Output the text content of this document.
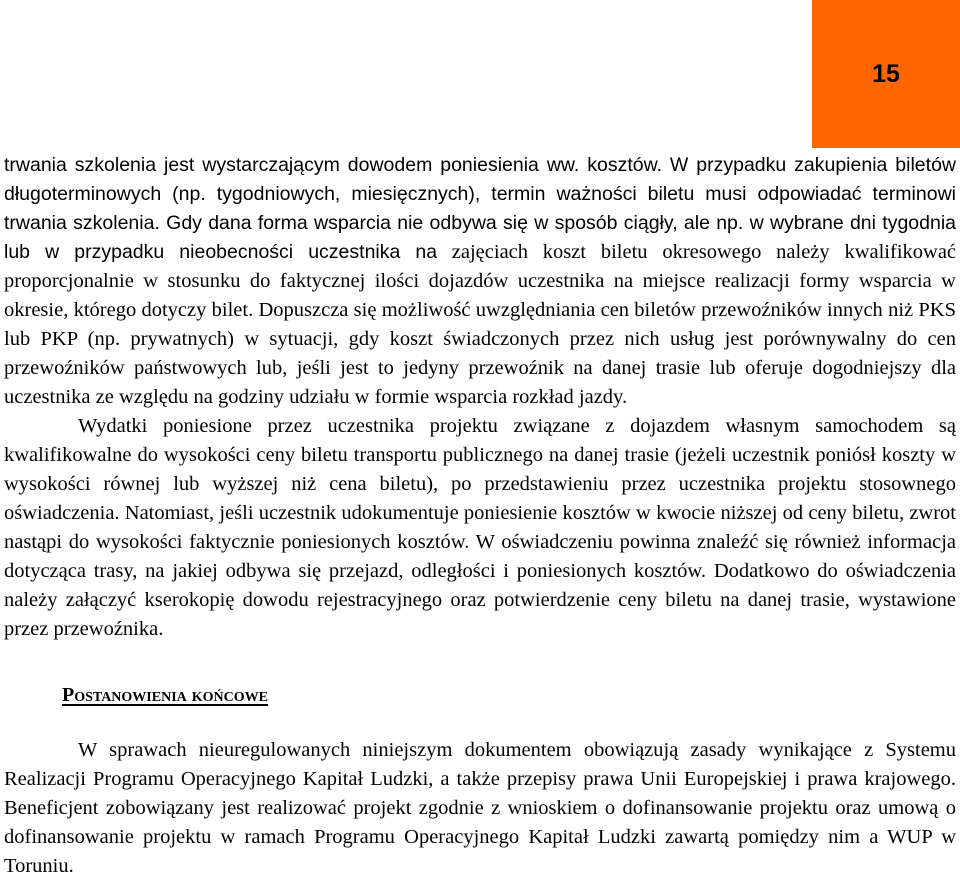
15

trwania szkolenia jest wystarczającym dowodem poniesienia ww. kosztów. W przypadku zakupienia biletów długoterminowych (np. tygodniowych, miesięcznych), termin ważności biletu musi odpowiadać terminowi trwania szkolenia. Gdy dana forma wsparcia nie odbywa się w sposób ciągły, ale np. w wybrane dni tygodnia lub w przypadku nieobecności uczestnika na zajęciach koszt biletu okresowego należy kwalifikować proporcjonalnie w stosunku do faktycznej ilości dojazdów uczestnika na miejsce realizacji formy wsparcia w okresie, którego dotyczy bilet. Dopuszcza się możliwość uwzględniania cen biletów przewoźników innych niż PKS lub PKP (np. prywatnych) w sytuacji, gdy koszt świadczonych przez nich usług jest porównywalny do cen przewoźników państwowych lub, jeśli jest to jedyny przewoźnik na danej trasie lub oferuje dogodniejszy dla uczestnika ze względu na godziny udziału w formie wsparcia rozkład jazdy.

Wydatki poniesione przez uczestnika projektu związane z dojazdem własnym samochodem są kwalifikowalne do wysokości ceny biletu transportu publicznego na danej trasie (jeżeli uczestnik poniósł koszty w wysokości równej lub wyższej niż cena biletu), po przedstawieniu przez uczestnika projektu stosownego oświadczenia. Natomiast, jeśli uczestnik udokumentuje poniesienie kosztów w kwocie niższej od ceny biletu, zwrot nastąpi do wysokości faktycznie poniesionych kosztów. W oświadczeniu powinna znaleźć się również informacja dotycząca trasy, na jakiej odbywa się przejazd, odległości i poniesionych kosztów. Dodatkowo do oświadczenia należy załączyć kserokopię dowodu rejestracyjnego oraz potwierdzenie ceny biletu na danej trasie, wystawione przez przewoźnika.

Postanowienia końcowe

W sprawach nieuregulowanych niniejszym dokumentem obowiązują zasady wynikające z Systemu Realizacji Programu Operacyjnego Kapitał Ludzki, a także przepisy prawa Unii Europejskiej i prawa krajowego. Beneficjent zobowiązany jest realizować projekt zgodnie z wnioskiem o dofinansowanie projektu oraz umową o dofinansowanie projektu w ramach Programu Operacyjnego Kapitał Ludzki zawartą pomiędzy nim a WUP w Toruniu.
